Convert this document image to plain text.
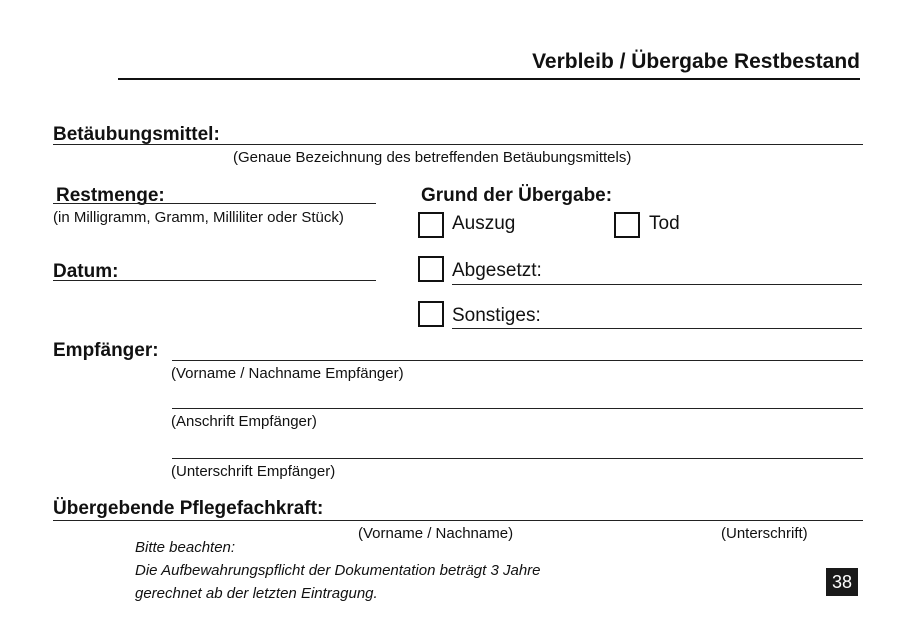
Verbleib / Übergabe Restbestand
Betäubungsmittel:
(Genaue Bezeichnung des betreffenden Betäubungsmittels)
Restmenge:
(in Milligramm, Gramm, Milliliter oder Stück)
Datum:
Grund der Übergabe:
Auszug	Tod
Abgesetzt:
Sonstiges:
Empfänger:
(Vorname / Nachname Empfänger)
(Anschrift Empfänger)
(Unterschrift Empfänger)
Übergebende Pflegefachkraft:
(Vorname / Nachname)	(Unterschrift)
Bitte beachten:
Die Aufbewahrungspflicht der Dokumentation beträgt 3 Jahre
gerechnet ab der letzten Eintragung.
38
